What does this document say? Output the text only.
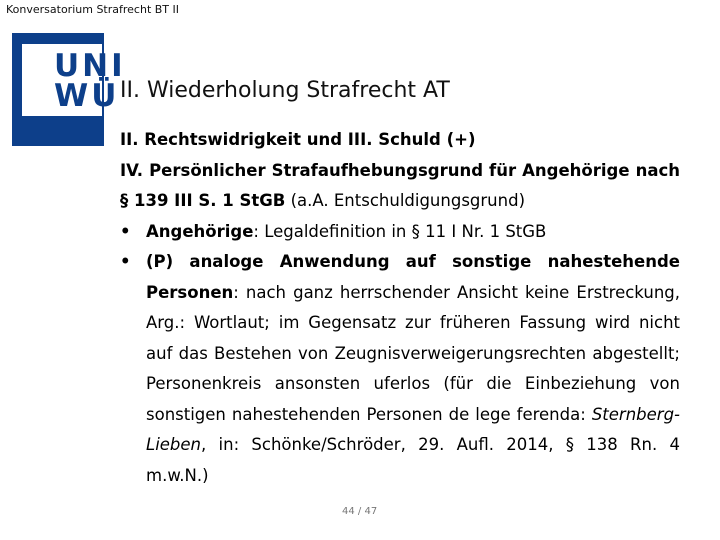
Konversatorium Strafrecht BT II
UNI
WÜ II. Wiederholung Strafrecht AT

II. Rechtswidrigkeit und III. Schuld (+)

IV. Persönlicher Strafaufhebungsgrund für Angehörige nach § 139 III S. 1 StGB (a.A. Entschuldigungsgrund)

• Angehörige: Legaldefinition in § 11 I Nr. 1 StGB

• (P) analoge Anwendung auf sonstige nahestehende Personen: nach ganz herrschender Ansicht keine Erstreckung, Arg.: Wortlaut; im Gegensatz zur früheren Fassung wird nicht auf das Bestehen von Zeugnisverweigerungsrechten abgestellt; Personenkreis ansonsten uferlos (für die Einbeziehung von sonstigen nahestehenden Personen de lege ferenda: Sternberg-Lieben, in: Schönke/Schröder, 29. Aufl. 2014, § 138 Rn. 4 m.w.N.)

44 / 47
